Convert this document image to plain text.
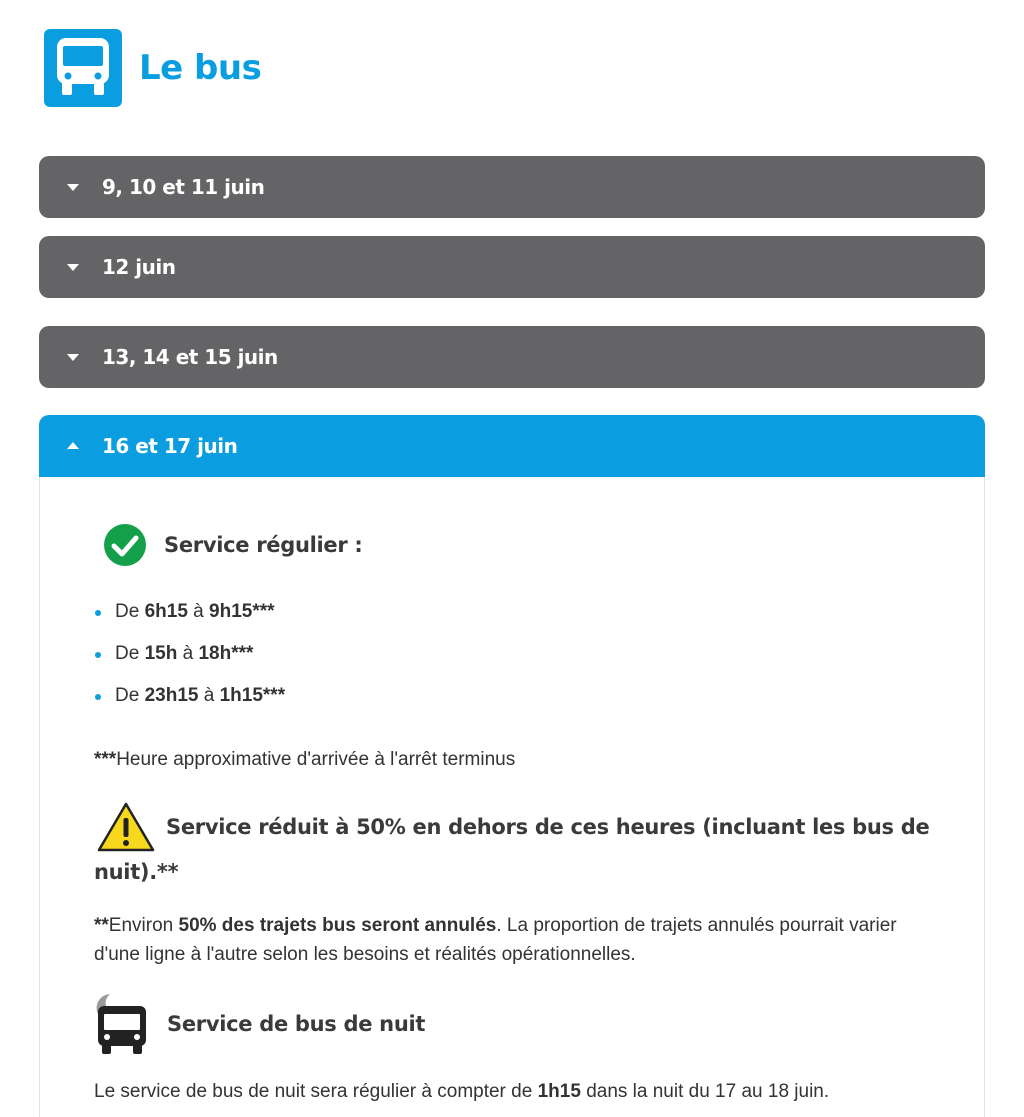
Le bus
9, 10 et 11 juin
12 juin
13, 14 et 15 juin
16 et 17 juin
Service régulier :
De 6h15 à 9h15***
De 15h à 18h***
De 23h15 à 1h15***
***Heure approximative d'arrivée à l'arrêt terminus
Service réduit à 50% en dehors de ces heures (incluant les bus de
nuit).**
**Environ 50% des trajets bus seront annulés. La proportion de trajets annulés pourrait varier d'une ligne à l'autre selon les besoins et réalités opérationnelles.
Service de bus de nuit
Le service de bus de nuit sera régulier à compter de 1h15 dans la nuit du 17 au 18 juin.
